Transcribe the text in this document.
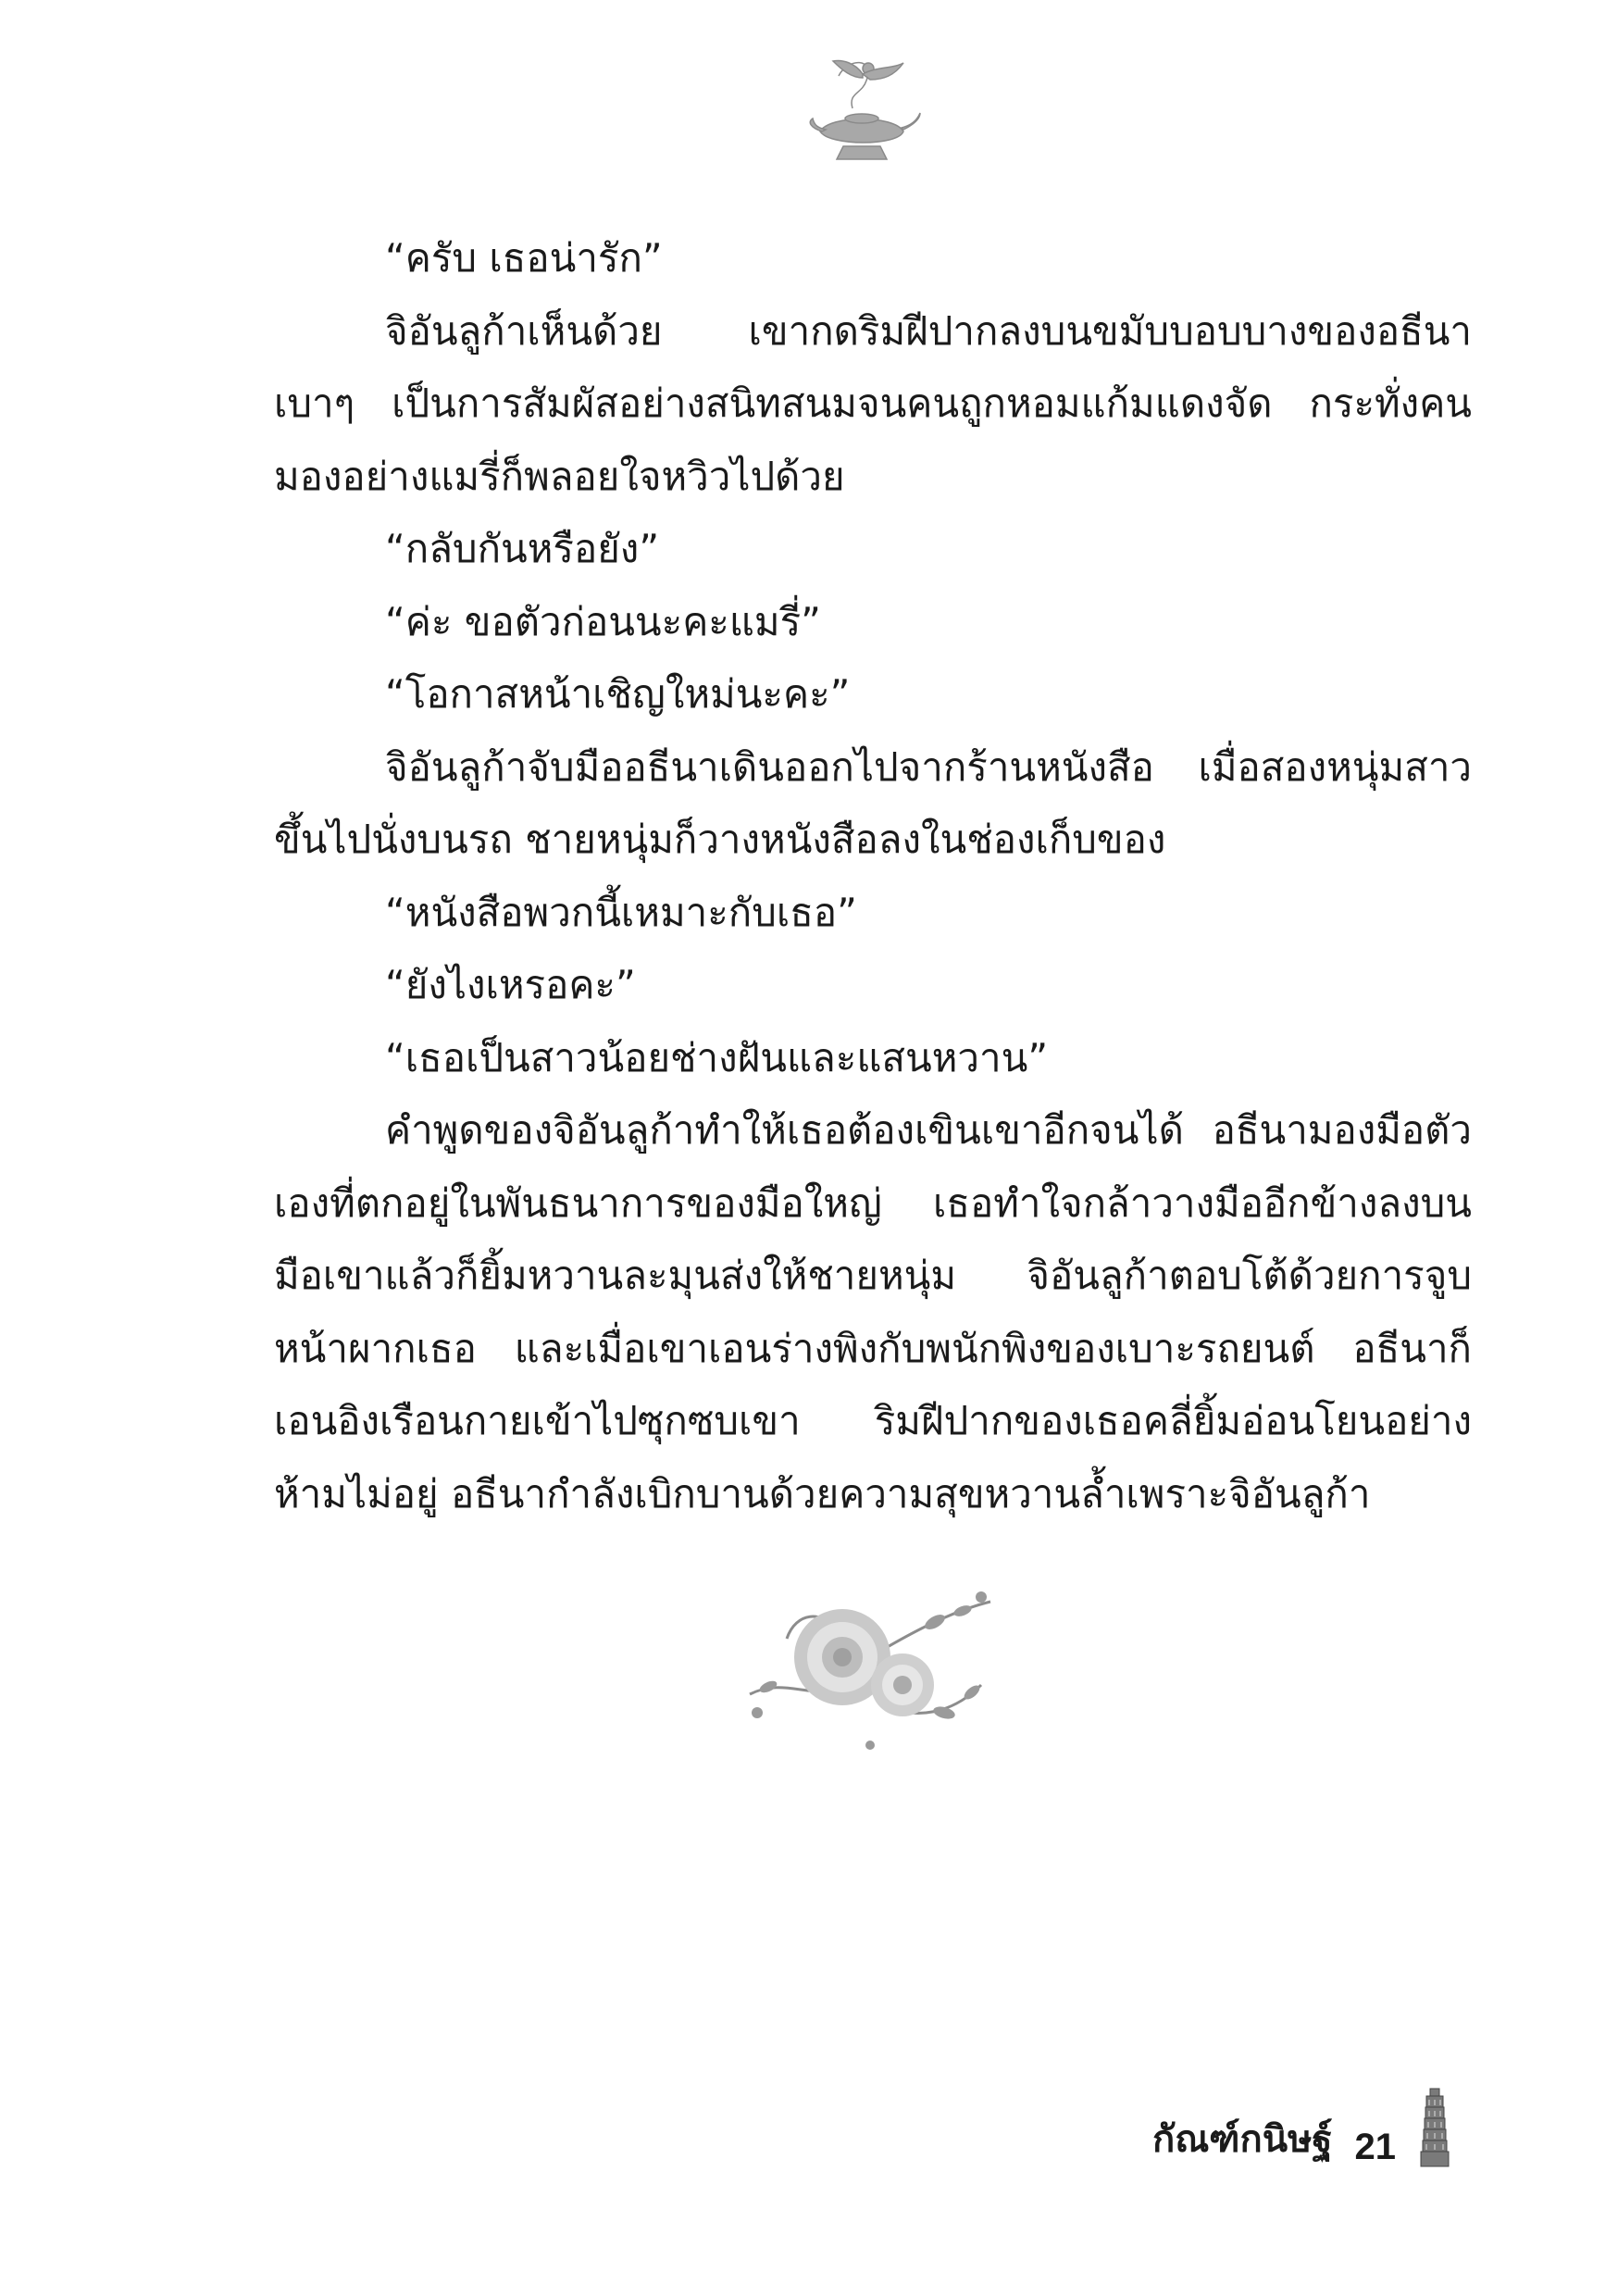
“ครับ เธอน่ารัก”

จิอันลูก้าเห็นด้วย เขากดริมฝีปากลงบนขมับบอบบางของอธีนาเบาๆ เป็นการสัมผัสอย่างสนิทสนมจนคนถูกหอมแก้มแดงจัด กระทั่งคนมองอย่างแมรี่ก็พลอยใจหวิวไปด้วย

“กลับกันหรือยัง”

“ค่ะ ขอตัวก่อนนะคะแมรี่”

“โอกาสหน้าเชิญใหม่นะคะ”

จิอันลูก้าจับมืออธีนาเดินออกไปจากร้านหนังสือ เมื่อสองหนุ่มสาวขึ้นไปนั่งบนรถ ชายหนุ่มก็วางหนังสือลงในช่องเก็บของ

“หนังสือพวกนี้เหมาะกับเธอ”

“ยังไงเหรอคะ”

“เธอเป็นสาวน้อยช่างฝันและแสนหวาน”

คำพูดของจิอันลูก้าทำให้เธอต้องเขินเขาอีกจนได้ อธีนามองมือตัวเองที่ตกอยู่ในพันธนาการของมือใหญ่ เธอทำใจกล้าวางมืออีกข้างลงบนมือเขาแล้วก็ยิ้มหวานละมุนส่งให้ชายหนุ่ม จิอันลูก้าตอบโต้ด้วยการจูบหน้าผากเธอ และเมื่อเขาเอนร่างพิงกับพนักพิงของเบาะรถยนต์ อธีนาก็เอนอิงเรือนกายเข้าไปซุกซบเขา ริมฝีปากของเธอคลี่ยิ้มอ่อนโยนอย่างห้ามไม่อยู่ อธีนากำลังเบิกบานด้วยความสุขหวานล้ำเพราะจิอันลูก้า

กัณฑ์กนิษฐ์ 21
